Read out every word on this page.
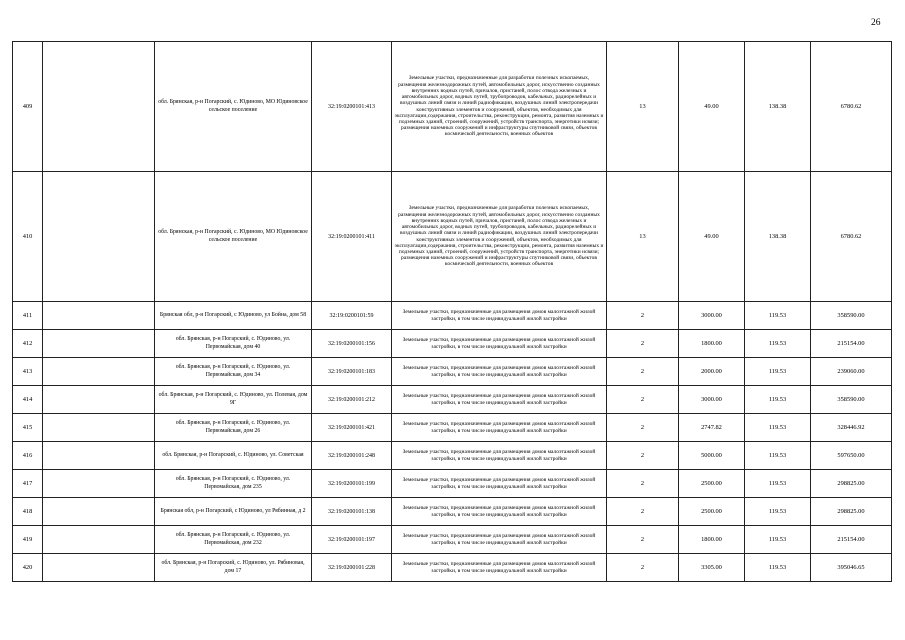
26
409		обл. Брянская, р-н Погарский, с. Юдиново, МО Юдиновское сельское поселение	32:19:0200101:413	Земельные участки, предназначенные для разработки полезных ископаемых, размещения железнодорожных путей, автомобильных дорог, искусственно созданных внутренних водных путей, причалов, пристаней, полос отвода железных и автомобильных дорог, водных путей, трубопроводов, кабельных, радиорелейных и воздушных линий связи и линий радиофикации, воздушных линий электропередачи конструктивных элементов и сооружений, объектов, необходимых для эксплуатации,содержания, строительства, реконструкции, ремонта, развития наземных и подземных зданий, строений, сооружений, устройств транспорта, энергетики исвязи; размещения наземных сооружений и инфраструктуры спутниковой связи, объектов космической деятельности, военных объектов	13	49.00	138.38	6780.62
410		обл. Брянская, р-н Погарский, с. Юдиново, МО Юдиновское сельское поселение	32:19:0200101:411	Земельные участки, предназначенные для разработки полезных ископаемых, размещения железнодорожных путей, автомобильных дорог, искусственно созданных внутренних водных путей, причалов, пристаней, полос отвода железных и автомобильных дорог, водных путей, трубопроводов, кабельных, радиорелейных и воздушных линий связи и линий радиофикации, воздушных линий электропередачи конструктивных элементов и сооружений, объектов, необходимых для эксплуатации,содержания, строительства, реконструкции, ремонта, развития наземных и подземных зданий, строений, сооружений, устройств транспорта, энергетики исвязи; размещения наземных сооружений и инфраструктуры спутниковой связи, объектов космической деятельности, военных объектов	13	49.00	138.38	6780.62
411		Брянская обл, р-н Погарский, с Юдиново, ул Бойна, дом 58	32:19:0200101:59	Земельные участки, предназначенные для размещения домов малоэтажной жилой застройки, в том числе индивидуальной жилой застройки	2	3000.00	119.53	358590.00
412		обл. Брянская, р-н Погарский, с. Юдиново, ул. Первомайская, дом 40	32:19:0200101:156	Земельные участки, предназначенные для размещения домов малоэтажной жилой застройки, в том числе индивидуальной жилой застройки	2	1800.00	119.53	215154.00
413		обл. Брянская, р-н Погарский, с. Юдиново, ул. Первомайская, дом 34	32:19:0200101:183	Земельные участки, предназначенные для размещения домов малоэтажной жилой застройки, в том числе индивидуальной жилой застройки	2	2000.00	119.53	239060.00
414		обл. Брянская, р-н Погарский, с. Юдиново, ул. Полевая, дом 9Г	32:19:0200101:212	Земельные участки, предназначенные для размещения домов малоэтажной жилой застройки, в том числе индивидуальной жилой застройки	2	3000.00	119.53	358590.00
415		обл. Брянская, р-н Погарский, с. Юдиново, ул. Первомайская, дом 26	32:19:0200101:421	Земельные участки, предназначенные для размещения домов малоэтажной жилой застройки, в том числе индивидуальной жилой застройки	2	2747.82	119.53	328446.92
416		обл. Брянская, р-н Погарский, с. Юдиново, ул. Советская	32:19:0200101:248	Земельные участки, предназначенные для размещения домов малоэтажной жилой застройки, в том числе индивидуальной жилой застройки	2	5000.00	119.53	597650.00
417		обл. Брянская, р-н Погарский, с. Юдиново, ул. Первомайская, дом 235	32:19:0200101:199	Земельные участки, предназначенные для размещения домов малоэтажной жилой застройки, в том числе индивидуальной жилой застройки	2	2500.00	119.53	298825.00
418		Брянская обл, р-н Погарский, с Юдиново, ул Рябинная, д 2	32:19:0200101:138	Земельные участки, предназначенные для размещения домов малоэтажной жилой застройки, в том числе индивидуальной жилой застройки	2	2500.00	119.53	298825.00
419		обл. Брянская, р-н Погарский, с. Юдиново, ул. Первомайская, дом 232	32:19:0200101:197	Земельные участки, предназначенные для размещения домов малоэтажной жилой застройки, в том числе индивидуальной жилой застройки	2	1800.00	119.53	215154.00
420		обл. Брянская, р-н Погарский, с. Юдиново, ул. Рябиновая, дом 17	32:19:0200101:228	Земельные участки, предназначенные для размещения домов малоэтажной жилой застройки, в том числе индивидуальной жилой застройки	2	3305.00	119.53	395046.65
